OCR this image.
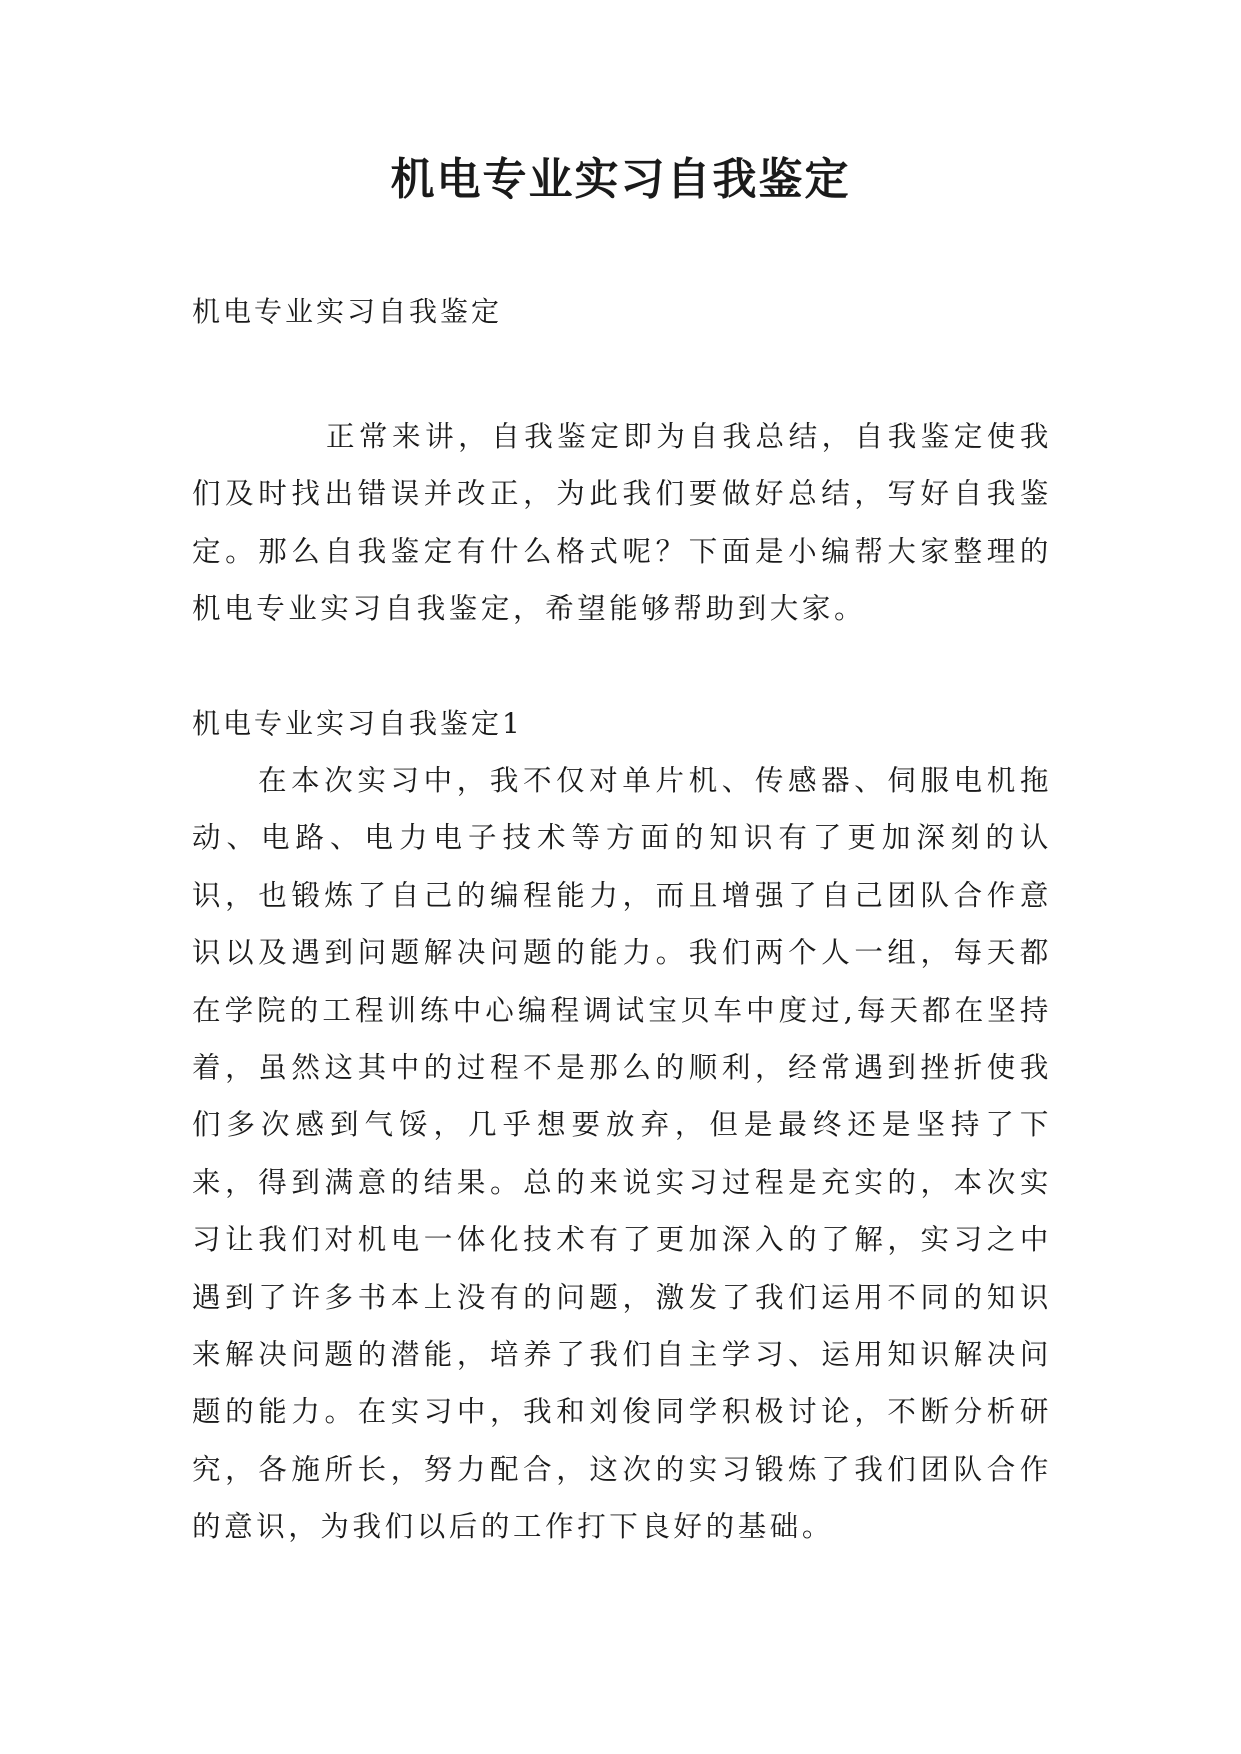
机电专业实习自我鉴定

机电专业实习自我鉴定

正常来讲，自我鉴定即为自我总结，自我鉴定使我们及时找出错误并改正，为此我们要做好总结，写好自我鉴定。那么自我鉴定有什么格式呢？下面是小编帮大家整理的机电专业实习自我鉴定，希望能够帮助到大家。

机电专业实习自我鉴定1

在本次实习中，我不仅对单片机、传感器、伺服电机拖动、电路、电力电子技术等方面的知识有了更加深刻的认识，也锻炼了自己的编程能力，而且增强了自己团队合作意识以及遇到问题解决问题的能力。我们两个人一组，每天都在学院的工程训练中心编程调试宝贝车中度过,每天都在坚持着，虽然这其中的过程不是那么的顺利，经常遇到挫折使我们多次感到气馁，几乎想要放弃，但是最终还是坚持了下来，得到满意的结果。总的来说实习过程是充实的，本次实习让我们对机电一体化技术有了更加深入的了解，实习之中遇到了许多书本上没有的问题，激发了我们运用不同的知识来解决问题的潜能，培养了我们自主学习、运用知识解决问题的能力。在实习中，我和刘俊同学积极讨论，不断分析研究，各施所长，努力配合，这次的实习锻炼了我们团队合作的意识，为我们以后的工作打下良好的基础。
